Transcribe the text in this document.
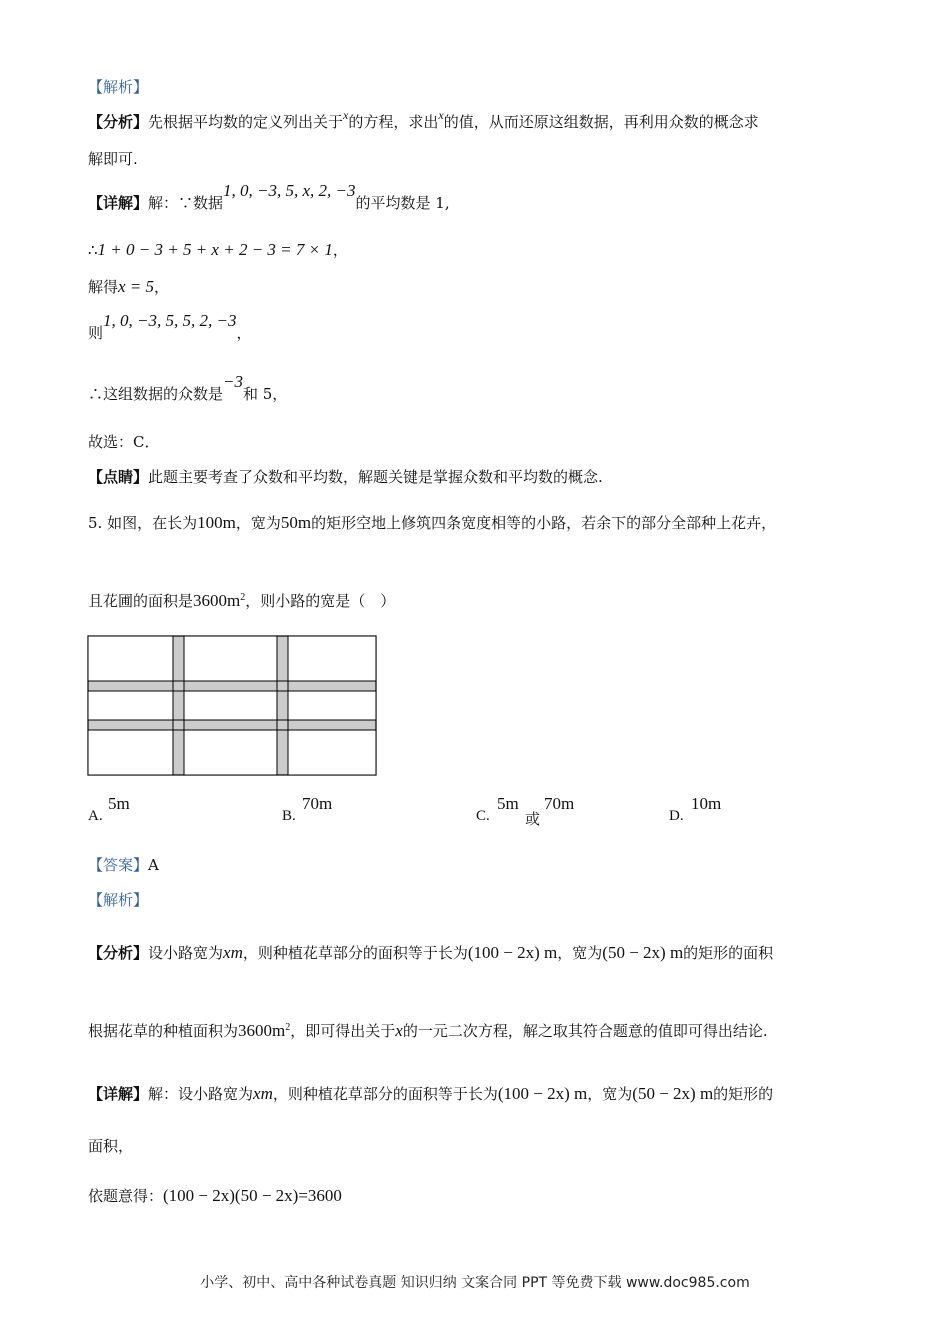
【解析】
【分析】先根据平均数的定义列出关于$^x$的方程，求出$^x$的值，从而还原这组数据，再利用众数的概念求
解即可.
【详解】解：∵数据1, 0, −3, 5, x, 2, −3的平均数是 1,
∴1 + 0 − 3 + 5 + x + 2 − 3 = 7 × 1，
解得x = 5，
则1, 0, −3, 5, 5, 2, −3，
∴这组数据的众数是−3和 5，
故选：C．
【点睛】此题主要考查了众数和平均数，解题关键是掌握众数和平均数的概念.
5. 如图，在长为100m，宽为50m的矩形空地上修筑四条宽度相等的小路，若余下的部分全部种上花卉，
且花圃的面积是$3600m^2$，则小路的宽是（　）
A.
5m
B.
70m
C.
5m
或
70m
D.
10m
【答案】A
【解析】
【分析】设小路宽为xm，则种植花草部分的面积等于长为(100 − 2x) m，宽为(50 − 2x) m的矩形的面积
根据花草的种植面积为$3600m^2$，即可得出关于x的一元二次方程，解之取其符合题意的值即可得出结论.
【详解】解：设小路宽为xm，则种植花草部分的面积等于长为(100 − 2x) m，宽为(50 − 2x) m的矩形的
面积，
依题意得：(100 − 2x)(50 − 2x)=3600
小学、初中、高中各种试卷真题 知识归纳 文案合同 PPT 等免费下载 www.doc985.com
